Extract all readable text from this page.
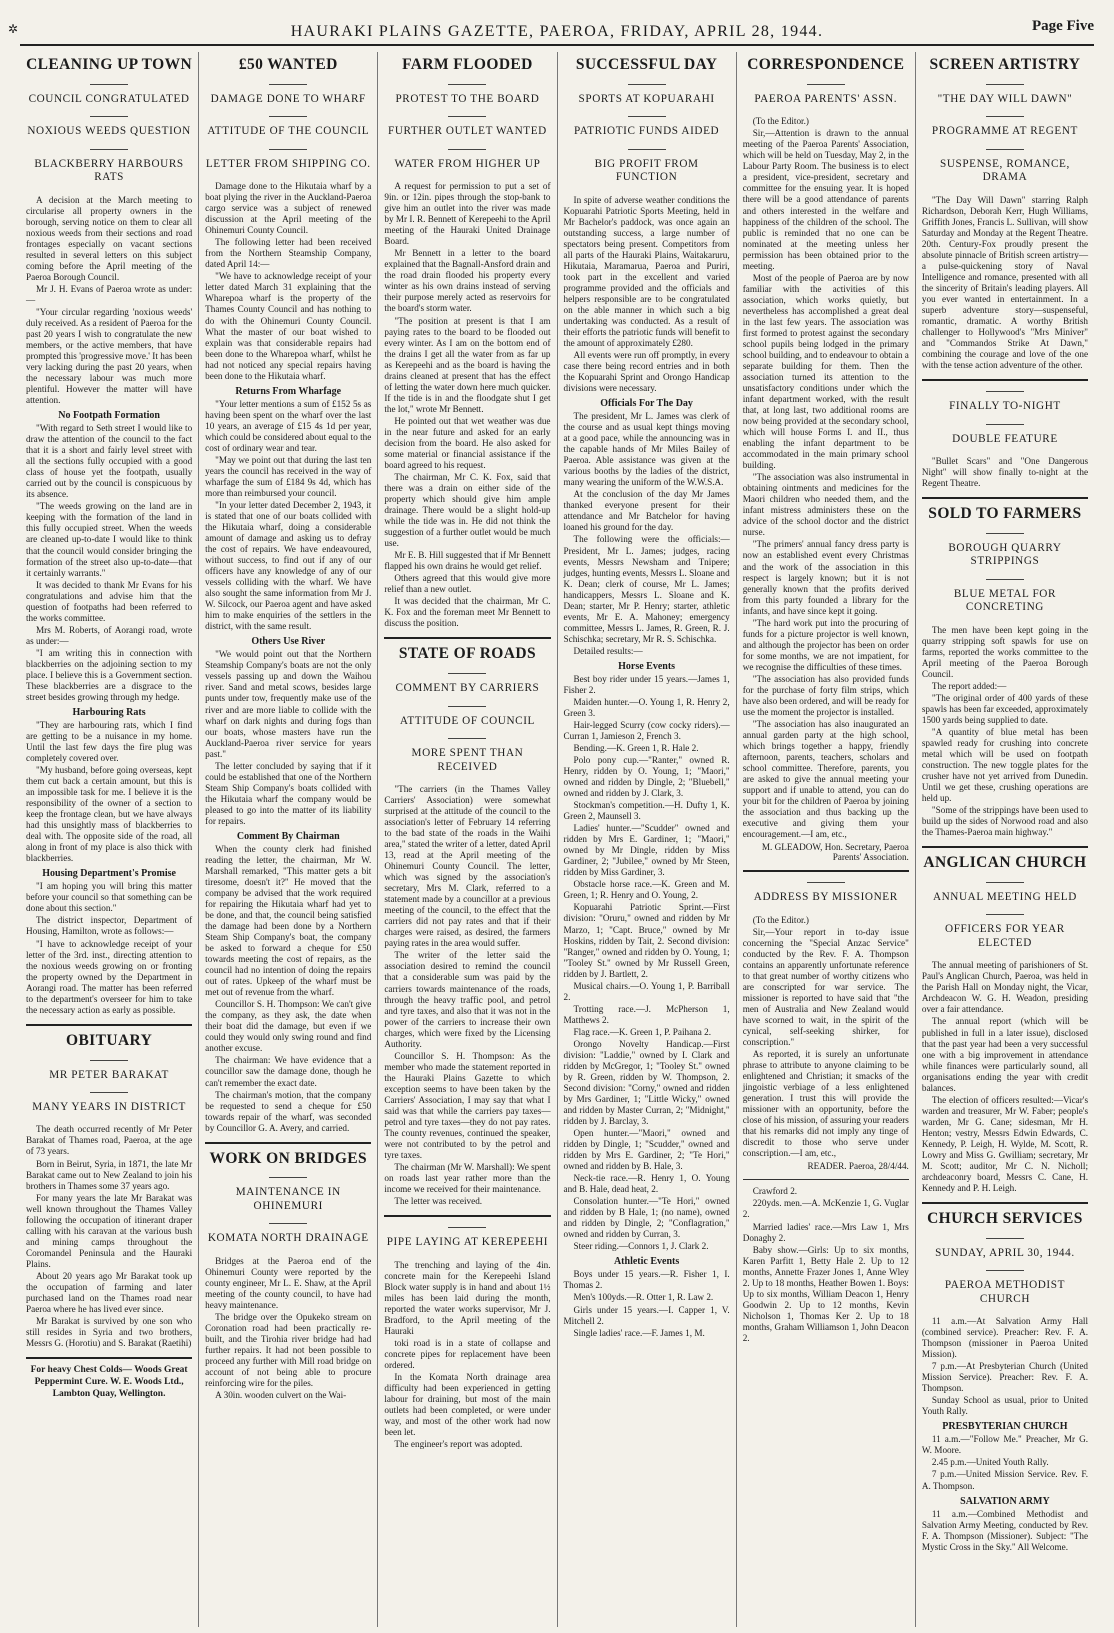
✲	HAURAKI PLAINS GAZETTE, PAEROA, FRIDAY, APRIL 28, 1944.	Page Five
CLEANING UP TOWN
COUNCIL CONGRATULATED
NOXIOUS WEEDS QUESTION
BLACKBERRY HARBOURS RATS

A decision at the March meeting to circularise all property owners in the borough, serving notice on them to clear all noxious weeds from their sections and road frontages especially on vacant sections resulted in several letters on this subject coming before the April meeting of the Paeroa Borough Council.

Mr J. H. Evans of Paeroa wrote as under:—

"Your circular regarding 'noxious weeds' duly received. As a resident of Paeroa for the past 20 years I wish to congratulate the new members, or the active members, that have prompted this 'progressive move.' It has been very lacking during the past 20 years, when the necessary labour was much more plentiful. However the matter will have attention.

No Footpath Formation

"With regard to Seth street I would like to draw the attention of the council to the fact that it is a short and fairly level street with all the sections fully occupied with a good class of house yet the footpath, usually carried out by the council is conspicuous by its absence.

"The weeds growing on the land are in keeping with the formation of the land in this fully occupied street. When the weeds are cleaned up-to-date I would like to think that the council would consider bringing the formation of the street also up-to-date—that it certainly warrants."

It was decided to thank Mr Evans for his congratulations and advise him that the question of footpaths had been referred to the works committee.

Mrs M. Roberts, of Aorangi road, wrote as under:—

"I am writing this in connection with blackberries on the adjoining section to my place. I believe this is a Government section. These blackberries are a disgrace to the street besides growing through my hedge.

Harbouring Rats

"They are harbouring rats, which I find are getting to be a nuisance in my home. Until the last few days the fire plug was completely covered over.

"My husband, before going overseas, kept them cut back a certain amount, but this is an impossible task for me. I believe it is the responsibility of the owner of a section to keep the frontage clean, but we have always had this unsightly mass of blackberries to deal with. The opposite side of the road, all along in front of my place is also thick with blackberries.

Housing Department's Promise

"I am hoping you will bring this matter before your council so that something can be done about this section."

The district inspector, Department of Housing, Hamilton, wrote as follows:—

"I have to acknowledge receipt of your letter of the 3rd. inst., directing attention to the noxious weeds growing on or fronting the property owned by the Department in Aorangi road. The matter has been referred to the department's overseer for him to take the necessary action as early as possible.

OBITUARY
MR PETER BARAKAT
MANY YEARS IN DISTRICT

The death occurred recently of Mr Peter Barakat of Thames road, Paeroa, at the age of 73 years.

Born in Beirut, Syria, in 1871, the late Mr Barakat came out to New Zealand to join his brothers in Thames some 37 years ago.

For many years the late Mr Barakat was well known throughout the Thames Valley following the occupation of itinerant draper calling with his caravan at the various bush and mining camps throughout the Coromandel Peninsula and the Hauraki Plains.

About 20 years ago Mr Barakat took up the occupation of farming and later purchased land on the Thames road near Paeroa where he has lived ever since.

Mr Barakat is survived by one son who still resides in Syria and two brothers, Messrs G. (Horotiu) and S. Barakat (Raetihi)

For heavy Chest Colds— Woods Great Peppermint Cure. W. E. Woods Ltd., Lambton Quay, Wellington.
£50 WANTED
DAMAGE DONE TO WHARF
ATTITUDE OF THE COUNCIL
LETTER FROM SHIPPING CO.

Damage done to the Hikutaia wharf by a boat plying the river in the Auckland-Paeroa cargo service was a subject of renewed discussion at the April meeting of the Ohinemuri County Council.

The following letter had been received from the Northern Steamship Company, dated April 14:—

"We have to acknowledge receipt of your letter dated March 31 explaining that the Wharepoa wharf is the property of the Thames County Council and has nothing to do with the Ohinemuri County Council. What the master of our boat wished to explain was that considerable repairs had been done to the Wharepoa wharf, whilst he had not noticed any special repairs having been done to the Hikutaia wharf.

Returns From Wharfage

"Your letter mentions a sum of £152 5s as having been spent on the wharf over the last 10 years, an average of £15 4s 1d per year, which could be considered about equal to the cost of ordinary wear and tear.

"May we point out that during the last ten years the council has received in the way of wharfage the sum of £184 9s 4d, which has more than reimbursed your council.

"In your letter dated December 2, 1943, it is stated that one of our boats collided with the Hikutaia wharf, doing a considerable amount of damage and asking us to defray the cost of repairs. We have endeavoured, without success, to find out if any of our officers have any knowledge of any of our vessels colliding with the wharf. We have also sought the same information from Mr J. W. Silcock, our Paeroa agent and have asked him to make enquiries of the settlers in the district, with the same result.

Others Use River

"We would point out that the Northern Steamship Company's boats are not the only vessels passing up and down the Waihou river. Sand and metal scows, besides large punts under tow, frequently make use of the river and are more liable to collide with the wharf on dark nights and during fogs than our boats, whose masters have run the Auckland-Paeroa river service for years past."

The letter concluded by saying that if it could be established that one of the Northern Steam Ship Company's boats collided with the Hikutaia wharf the company would be pleased to go into the matter of its liability for repairs.

Comment By Chairman

When the county clerk had finished reading the letter, the chairman, Mr W. Marshall remarked, "This matter gets a bit tiresome, doesn't it?" He moved that the company be advised that the work required for repairing the Hikutaia wharf had yet to be done, and that, the council being satisfied the damage had been done by a Northern Steam Ship Company's boat, the company be asked to forward a cheque for £50 towards meeting the cost of repairs, as the council had no intention of doing the repairs out of rates. Upkeep of the wharf must be met out of revenue from the wharf.

Councillor S. H. Thompson: We can't give the company, as they ask, the date when their boat did the damage, but even if we could they would only swing round and find another excuse.

The chairman: We have evidence that a councillor saw the damage done, though he can't remember the exact date.

The chairman's motion, that the company be requested to send a cheque for £50 towards repair of the wharf, was seconded by Councillor G. A. Avery, and carried.

WORK ON BRIDGES
MAINTENANCE IN OHINEMURI
KOMATA NORTH DRAINAGE

Bridges at the Paeroa end of the Ohinemuri County were reported by the county engineer, Mr L. E. Shaw, at the April meeting of the county council, to have had heavy maintenance.

The bridge over the Opukeko stream on Coronation road had been practically re-built, and the Tirohia river bridge had had further repairs. It had not been possible to proceed any further with Mill road bridge on account of not being able to procure reinforcing wire for the piles.

A 30in. wooden culvert on the Wai-

FARM FLOODED
PROTEST TO THE BOARD
FURTHER OUTLET WANTED
WATER FROM HIGHER UP

A request for permission to put a set of 9in. or 12in. pipes through the stop-bank to give him an outlet into the river was made by Mr I. R. Bennett of Kerepeehi to the April meeting of the Hauraki United Drainage Board.

Mr Bennett in a letter to the board explained that the Bagnall-Ansford drain and the road drain flooded his property every winter as his own drains instead of serving their purpose merely acted as reservoirs for the board's storm water.

"The position at present is that I am paying rates to the board to be flooded out every winter. As I am on the bottom end of the drains I get all the water from as far up as Kerepeehi and as the board is having the drains cleaned at present that has the effect of letting the water down here much quicker. If the tide is in and the floodgate shut I get the lot," wrote Mr Bennett.

He pointed out that wet weather was due in the near future and asked for an early decision from the board. He also asked for some material or financial assistance if the board agreed to his request.

The chairman, Mr C. K. Fox, said that there was a drain on either side of the property which should give him ample drainage. There would be a slight hold-up while the tide was in. He did not think the suggestion of a further outlet would be much use.

Mr E. B. Hill suggested that if Mr Bennett flapped his own drains he would get relief.

Others agreed that this would give more relief than a new outlet.

It was decided that the chairman, Mr C. K. Fox and the foreman meet Mr Bennett to discuss the position.

STATE OF ROADS
COMMENT BY CARRIERS
ATTITUDE OF COUNCIL
MORE SPENT THAN RECEIVED

"The carriers (in the Thames Valley Carriers' Association) were somewhat surprised at the attitude of the council to the association's letter of February 14 referring to the bad state of the roads in the Waihi area," stated the writer of a letter, dated April 13, read at the April meeting of the Ohinemuri County Council. The letter, which was signed by the association's secretary, Mrs M. Clark, referred to a statement made by a councillor at a previous meeting of the council, to the effect that the carriers did not pay rates and that if their charges were raised, as desired, the farmers paying rates in the area would suffer.

The writer of the letter said the association desired to remind the council that a considerable sum was paid by the carriers towards maintenance of the roads, through the heavy traffic pool, and petrol and tyre taxes, and also that it was not in the power of the carriers to increase their own charges, which were fixed by the Licensing Authority.

Councillor S. H. Thompson: As the member who made the statement reported in the Hauraki Plains Gazette to which exception seems to have been taken by the Carriers' Association, I may say that what I said was that while the carriers pay taxes—petrol and tyre taxes—they do not pay rates. The county revenues, continued the speaker, were not contributed to by the petrol and tyre taxes.

The chairman (Mr W. Marshall): We spent on roads last year rather more than the income we received for their maintenance.

The letter was received.

PIPE LAYING AT KEREPEEHI

The trenching and laying of the 4in. concrete main for the Kerepeehi Island Block water supply is in hand and about 1½ miles has been laid during the month, reported the water works supervisor, Mr J. Bradford, to the April meeting of the Hauraki

toki road is in a state of collapse and concrete pipes for replacement have been ordered.

In the Komata North drainage area difficulty had been experienced in getting labour for draining, but most of the main outlets had been completed, or were under way, and most of the other work had now been let.

The engineer's report was adopted.

SUCCESSFUL DAY
SPORTS AT KOPUARAHI
PATRIOTIC FUNDS AIDED
BIG PROFIT FROM FUNCTION

In spite of adverse weather conditions the Kopuarahi Patriotic Sports Meeting, held in Mr Bachelor's paddock, was once again an outstanding success, a large number of spectators being present. Competitors from all parts of the Hauraki Plains, Waitakaruru, Hikutaia, Maramarua, Paeroa and Puriri, took part in the excellent and varied programme provided and the officials and helpers responsible are to be congratulated on the able manner in which such a big undertaking was conducted. As a result of their efforts the patriotic funds will benefit to the amount of approximately £280.

All events were run off promptly, in every case there being record entries and in both the Kopuarahi Sprint and Orongo Handicap divisions were necessary.

Officials For The Day

The president, Mr L. James was clerk of the course and as usual kept things moving at a good pace, while the announcing was in the capable hands of Mr Miles Bailey of Paeroa. Able assistance was given at the various booths by the ladies of the district, many wearing the uniform of the W.W.S.A.

At the conclusion of the day Mr James thanked everyone present for their attendance and Mr Batchelor for having loaned his ground for the day.

The following were the officials:—President, Mr L. James; judges, racing events, Messrs Newsham and Tnipere; judges, hunting events, Messrs L. Sloane and K. Dean; clerk of course, Mr L. James; handicappers, Messrs L. Sloane and K. Dean; starter, Mr P. Henry; starter, athletic events, Mr E. A. Mahoney; emergency committee, Messrs L. James, R. Green, R. J. Schischka; secretary, Mr R. S. Schischka.

Detailed results:—

Horse Events

Best boy rider under 15 years.—James 1, Fisher 2.

Maiden hunter.—O. Young 1, R. Henry 2, Green 3.

Hair-legged Scurry (cow cocky riders).—Curran 1, Jamieson 2, French 3.

Bending.—K. Green 1, R. Hale 2.

Polo pony cup.—"Ranter," owned R. Henry, ridden by O. Young, 1; "Maori," owned and ridden by Dingle, 2; "Bluebell," owned and ridden by J. Clark, 3.

Stockman's competition.—H. Dufty 1, K. Green 2, Maunsell 3.

Ladies' hunter.—"Scudder" owned and ridden by Mrs E. Gardiner, 1; "Maori," owned by Mr Dingle, ridden by Miss Gardiner, 2; "Jubilee," owned by Mr Steen, ridden by Miss Gardiner, 3.

Obstacle horse race.—K. Green and M. Green, 1; R. Henry and O. Young, 2.

Kopuarahi Patriotic Sprint.—First division: "Oruru," owned and ridden by Mr Marzo, 1; "Capt. Bruce," owned by Mr Hoskins, ridden by Tait, 2. Second division: "Ranger," owned and ridden by O. Young, 1; "Tooley St." owned by Mr Russell Green, ridden by J. Bartlett, 2.

Musical chairs.—O. Young 1, P. Barriball 2.

Trotting race.—J. McPherson 1, Matthews 2.

Flag race.—K. Green 1, P. Paihana 2.

Orongo Novelty Handicap.—First division: "Laddie," owned by I. Clark and ridden by McGregor, 1; "Tooley St." owned by R. Green, ridden by W. Thompson, 2. Second division: "Corny," owned and ridden by Mrs Gardiner, 1; "Little Wicky," owned and ridden by Master Curran, 2; "Midnight," ridden by J. Barclay, 3.

Open hunter.—"Maori," owned and ridden by Dingle, 1; "Scudder," owned and ridden by Mrs E. Gardiner, 2; "Te Hori," owned and ridden by B. Hale, 3.

Neck-tie race.—R. Henry 1, O. Young and B. Hale, dead heat, 2.

Consolation hunter.—"Te Hori," owned and ridden by B Hale, 1; (no name), owned and ridden by Dingle, 2; "Conflagration," owned and ridden by Curran, 3.

Steer riding.—Connors 1, J. Clark 2.

Athletic Events

Boys under 15 years.—R. Fisher 1, I. Thomas 2.

Men's 100yds.—R. Otter 1, R. Law 2.

Girls under 15 years.—I. Capper 1, V. Mitchell 2.

Single ladies' race.—F. James 1, M.

CORRESPONDENCE
PAEROA PARENTS' ASSN.

(To the Editor.)

Sir,—Attention is drawn to the annual meeting of the Paeroa Parents' Association, which will be held on Tuesday, May 2, in the Labour Party Room. The business is to elect a president, vice-president, secretary and committee for the ensuing year. It is hoped there will be a good attendance of parents and others interested in the welfare and happiness of the children of the school. The public is reminded that no one can be nominated at the meeting unless her permission has been obtained prior to the meeting.

Most of the people of Paeroa are by now familiar with the activities of this association, which works quietly, but nevertheless has accomplished a great deal in the last few years. The association was first formed to protest against the secondary school pupils being lodged in the primary school building, and to endeavour to obtain a separate building for them. Then the association turned its attention to the unsatisfactory conditions under which the infant department worked, with the result that, at long last, two additional rooms are now being provided at the secondary school, which will house Forms I. and II., thus enabling the infant department to be accommodated in the main primary school building.

"The association was also instrumental in obtaining ointments and medicines for the Maori children who needed them, and the infant mistress administers these on the advice of the school doctor and the district nurse.

"The primers' annual fancy dress party is now an established event every Christmas and the work of the association in this respect is largely known; but it is not generally known that the profits derived from this party founded a library for the infants, and have since kept it going.

"The hard work put into the procuring of funds for a picture projector is well known, and although the projector has been on order for some months, we are not impatient, for we recognise the difficulties of these times.

"The association has also provided funds for the purchase of forty film strips, which have also been ordered, and will be ready for use the moment the projector is installed.

"The association has also inaugurated an annual garden party at the high school, which brings together a happy, friendly afternoon, parents, teachers, scholars and school committee. Therefore, parents, you are asked to give the annual meeting your support and if unable to attend, you can do your bit for the children of Paeroa by joining the association and thus backing up the executive and giving them your encouragement.—I am, etc.,

M. GLEADOW, Hon. Secretary, Paeroa Parents' Association.
ADDRESS BY MISSIONER

(To the Editor.)

Sir,—Your report in to-day issue concerning the "Special Anzac Service" conducted by the Rev. F. A. Thompson contains an apparently unfortunate reference to that great number of worthy citizens who are conscripted for war service. The missioner is reported to have said that "the men of Australia and New Zealand would have scorned to wait, in the spirit of the cynical, self-seeking shirker, for conscription."

As reported, it is surely an unfortunate phrase to attribute to anyone claiming to be enlightened and Christian; it smacks of the jingoistic verbiage of a less enlightened generation. I trust this will provide the missioner with an opportunity, before the close of his mission, of assuring your readers that his remarks did not imply any tinge of discredit to those who serve under conscription.—I am, etc.,

READER. Paeroa, 28/4/44.

Crawford 2.

220yds. men.—A. McKenzie 1, G. Vuglar 2.

Married ladies' race.—Mrs Law 1, Mrs Donaghy 2.

Baby show.—Girls: Up to six months, Karen Parfitt 1, Betty Hale 2. Up to 12 months, Annette Frazer Jones 1, Anne Wley 2. Up to 18 months, Heather Bowen 1. Boys: Up to six months, William Deacon 1, Henry Goodwin 2. Up to 12 months, Kevin Nicholson 1, Thomas Ker 2. Up to 18 months, Graham Williamson 1, John Deacon 2.

SCREEN ARTISTRY
"THE DAY WILL DAWN"
PROGRAMME AT REGENT
SUSPENSE, ROMANCE, DRAMA

"The Day Will Dawn" starring Ralph Richardson, Deborah Kerr, Hugh Williams, Griffith Jones, Francis L. Sullivan, will show Saturday and Monday at the Regent Theatre. 20th. Century-Fox proudly present the absolute pinnacle of British screen artistry—a pulse-quickening story of Naval Intelligence and romance, presented with all the sincerity of Britain's leading players. All you ever wanted in entertainment. In a superb adventure story—suspenseful, romantic, dramatic. A worthy British challenger to Hollywood's "Mrs Miniver" and "Commandos Strike At Dawn," combining the courage and love of the one with the tense action adventure of the other.

FINALLY TO-NIGHT
DOUBLE FEATURE

"Bullet Scars" and "One Dangerous Night" will show finally to-night at the Regent Theatre.

SOLD TO FARMERS
BOROUGH QUARRY STRIPPINGS
BLUE METAL FOR CONCRETING

The men have been kept going in the quarry stripping soft spawls for use on farms, reported the works committee to the April meeting of the Paeroa Borough Council.

The report added:—

"The original order of 400 yards of these spawls has been far exceeded, approximately 1500 yards being supplied to date.

"A quantity of blue metal has been spawled ready for crushing into concrete metal which will be used on footpath construction. The new toggle plates for the crusher have not yet arrived from Dunedin. Until we get these, crushing operations are held up.

"Some of the strippings have been used to build up the sides of Norwood road and also the Thames-Paeroa main highway."

ANGLICAN CHURCH
ANNUAL MEETING HELD
OFFICERS FOR YEAR ELECTED

The annual meeting of parishioners of St. Paul's Anglican Church, Paeroa, was held in the Parish Hall on Monday night, the Vicar, Archdeacon W. G. H. Weadon, presiding over a fair attendance.

The annual report (which will be published in full in a later issue), disclosed that the past year had been a very successful one with a big improvement in attendance while finances were particularly sound, all organisations ending the year with credit balances.

The election of officers resulted:—Vicar's warden and treasurer, Mr W. Faber; people's warden, Mr G. Cane; sidesman, Mr H. Henton; vestry, Messrs Edwin Edwards, C. Kennedy, P. Leigh, H. Wylde, M. Scott, R. Lowry and Miss G. Gwilliam; secretary, Mr M. Scott; auditor, Mr C. N. Nicholl; archdeaconry board, Messrs C. Cane, H. Kennedy and P. H. Leigh.

CHURCH SERVICES
SUNDAY, APRIL 30, 1944.
PAEROA METHODIST CHURCH

11 a.m.—At Salvation Army Hall (combined service). Preacher: Rev. F. A. Thompson (missioner in Paeroa United Mission).

7 p.m.—At Presbyterian Church (United Mission Service). Preacher: Rev. F. A. Thompson.

Sunday School as usual, prior to United Youth Rally.

PRESBYTERIAN CHURCH

11 a.m.—"Follow Me." Preacher, Mr G. W. Moore.

2.45 p.m.—United Youth Rally.

7 p.m.—United Mission Service. Rev. F. A. Thompson.

SALVATION ARMY

11 a.m.—Combined Methodist and Salvation Army Meeting, conducted by Rev. F. A. Thompson (Missioner). Subject: "The Mystic Cross in the Sky." All Welcome.
